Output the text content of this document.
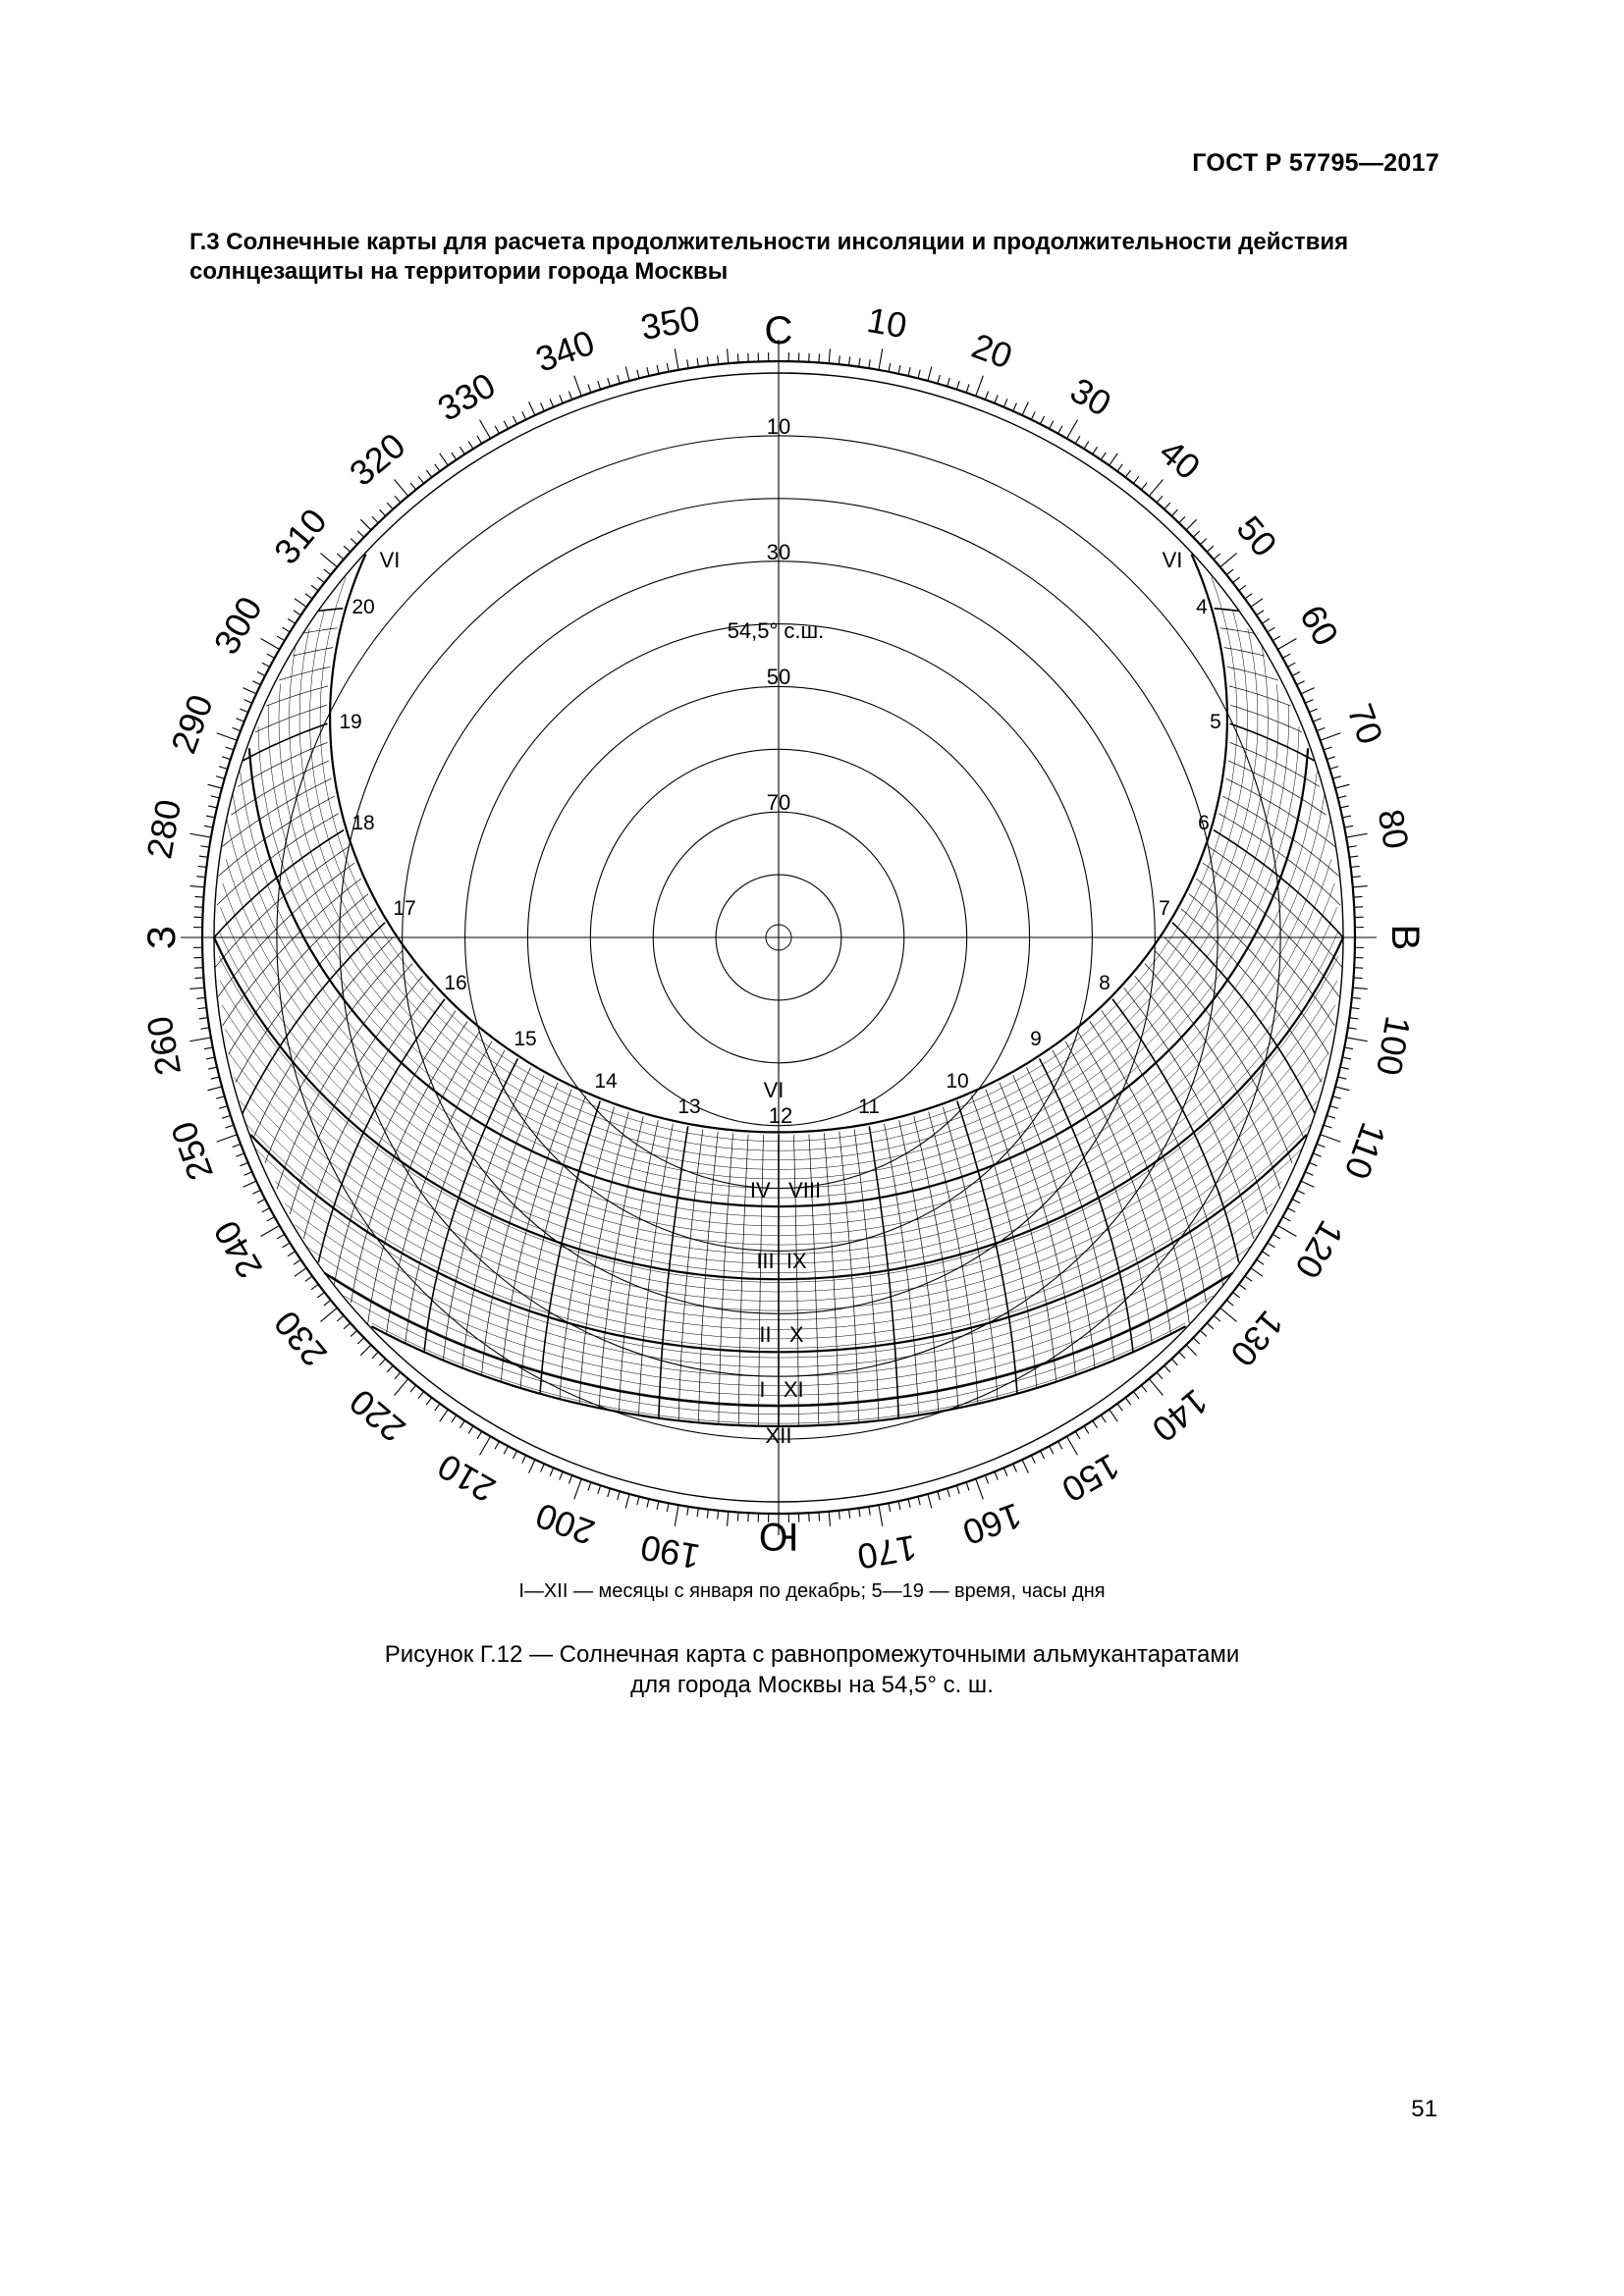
ГОСТ Р 57795—2017
Г.3 Солнечные карты для расчета продолжительности инсоляции и продолжительности действия солнцезащиты на территории города Москвы
С
В
Ю
З
10
20
30
40
50
60
70
80
100
110
120
130
140
150
160
170
190
200
210
220
230
240
250
260
280
290
300
310
320
330
340 350
10
30
50
70
54,5° с.ш.
20
19
18
17
16
15
14
13
4
5
6
7
8
9
10
11
12
VI	VI
VI
IV   VIII
III  IX
II   X
I   XI
XII
I—XII — месяцы с января по декабрь; 5—19 — время, часы дня
Рисунок Г.12 — Солнечная карта с равнопромежуточными альмукантаратами
для города Москвы на 54,5° с. ш.
51
